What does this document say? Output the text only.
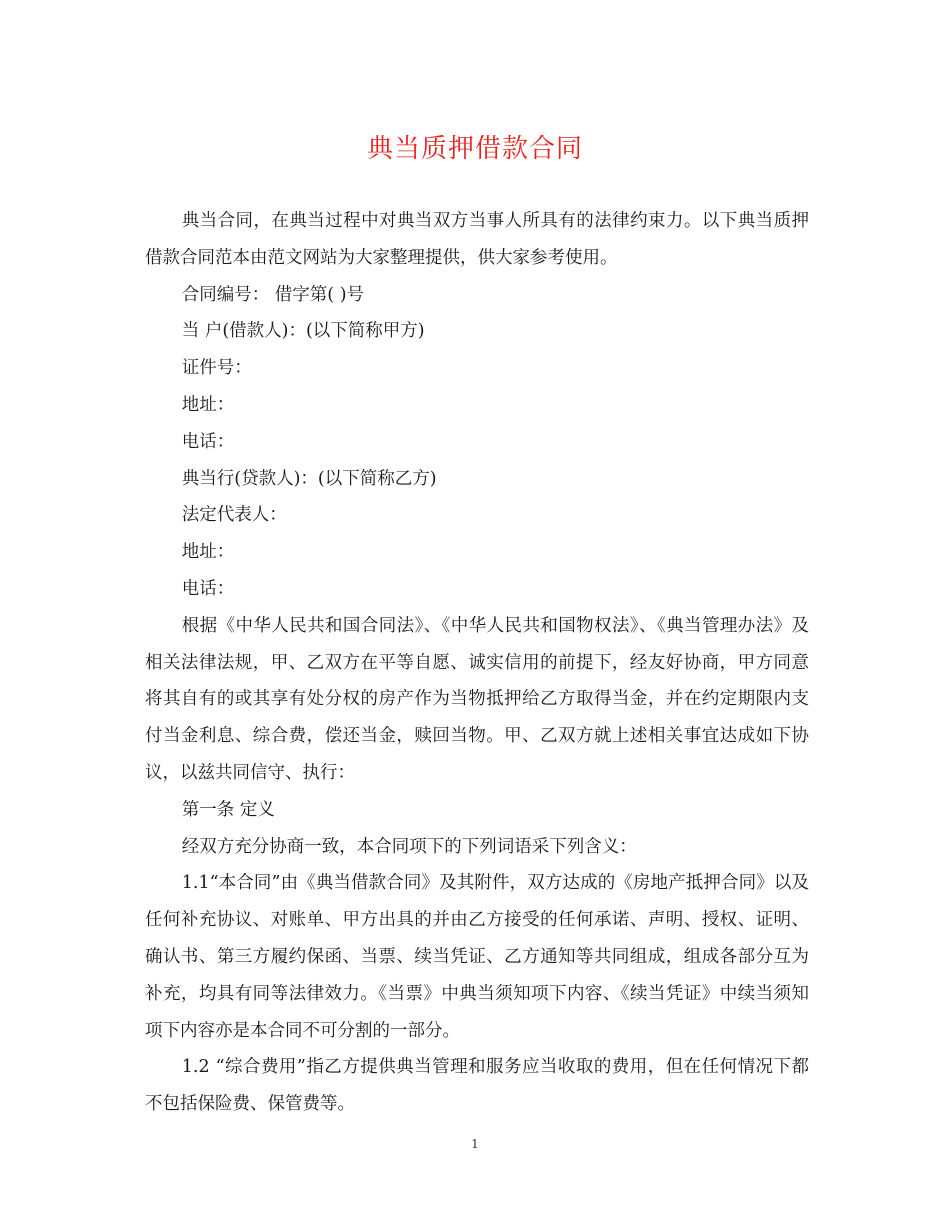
典当质押借款合同

典当合同，在典当过程中对典当双方当事人所具有的法律约束力。以下典当质押借款合同范本由范文网站为大家整理提供，供大家参考使用。

合同编号： 借字第( )号

当 户(借款人)：(以下简称甲方)

证件号：

地址：

电话：

典当行(贷款人)：(以下简称乙方)

法定代表人：

地址：

电话：

根据《中华人民共和国合同法》、《中华人民共和国物权法》、《典当管理办法》及相关法律法规，甲、乙双方在平等自愿、诚实信用的前提下，经友好协商，甲方同意将其自有的或其享有处分权的房产作为当物抵押给乙方取得当金，并在约定期限内支付当金利息、综合费，偿还当金，赎回当物。甲、乙双方就上述相关事宜达成如下协议，以兹共同信守、执行：

第一条 定义

经双方充分协商一致，本合同项下的下列词语采下列含义：

1.1“本合同”由《典当借款合同》及其附件，双方达成的《房地产抵押合同》以及任何补充协议、对账单、甲方出具的并由乙方接受的任何承诺、声明、授权、证明、确认书、第三方履约保函、当票、续当凭证、乙方通知等共同组成，组成各部分互为补充，均具有同等法律效力。《当票》中典当须知项下内容、《续当凭证》中续当须知项下内容亦是本合同不可分割的一部分。

1.2 “综合费用”指乙方提供典当管理和服务应当收取的费用，但在任何情况下都不包括保险费、保管费等。

1
